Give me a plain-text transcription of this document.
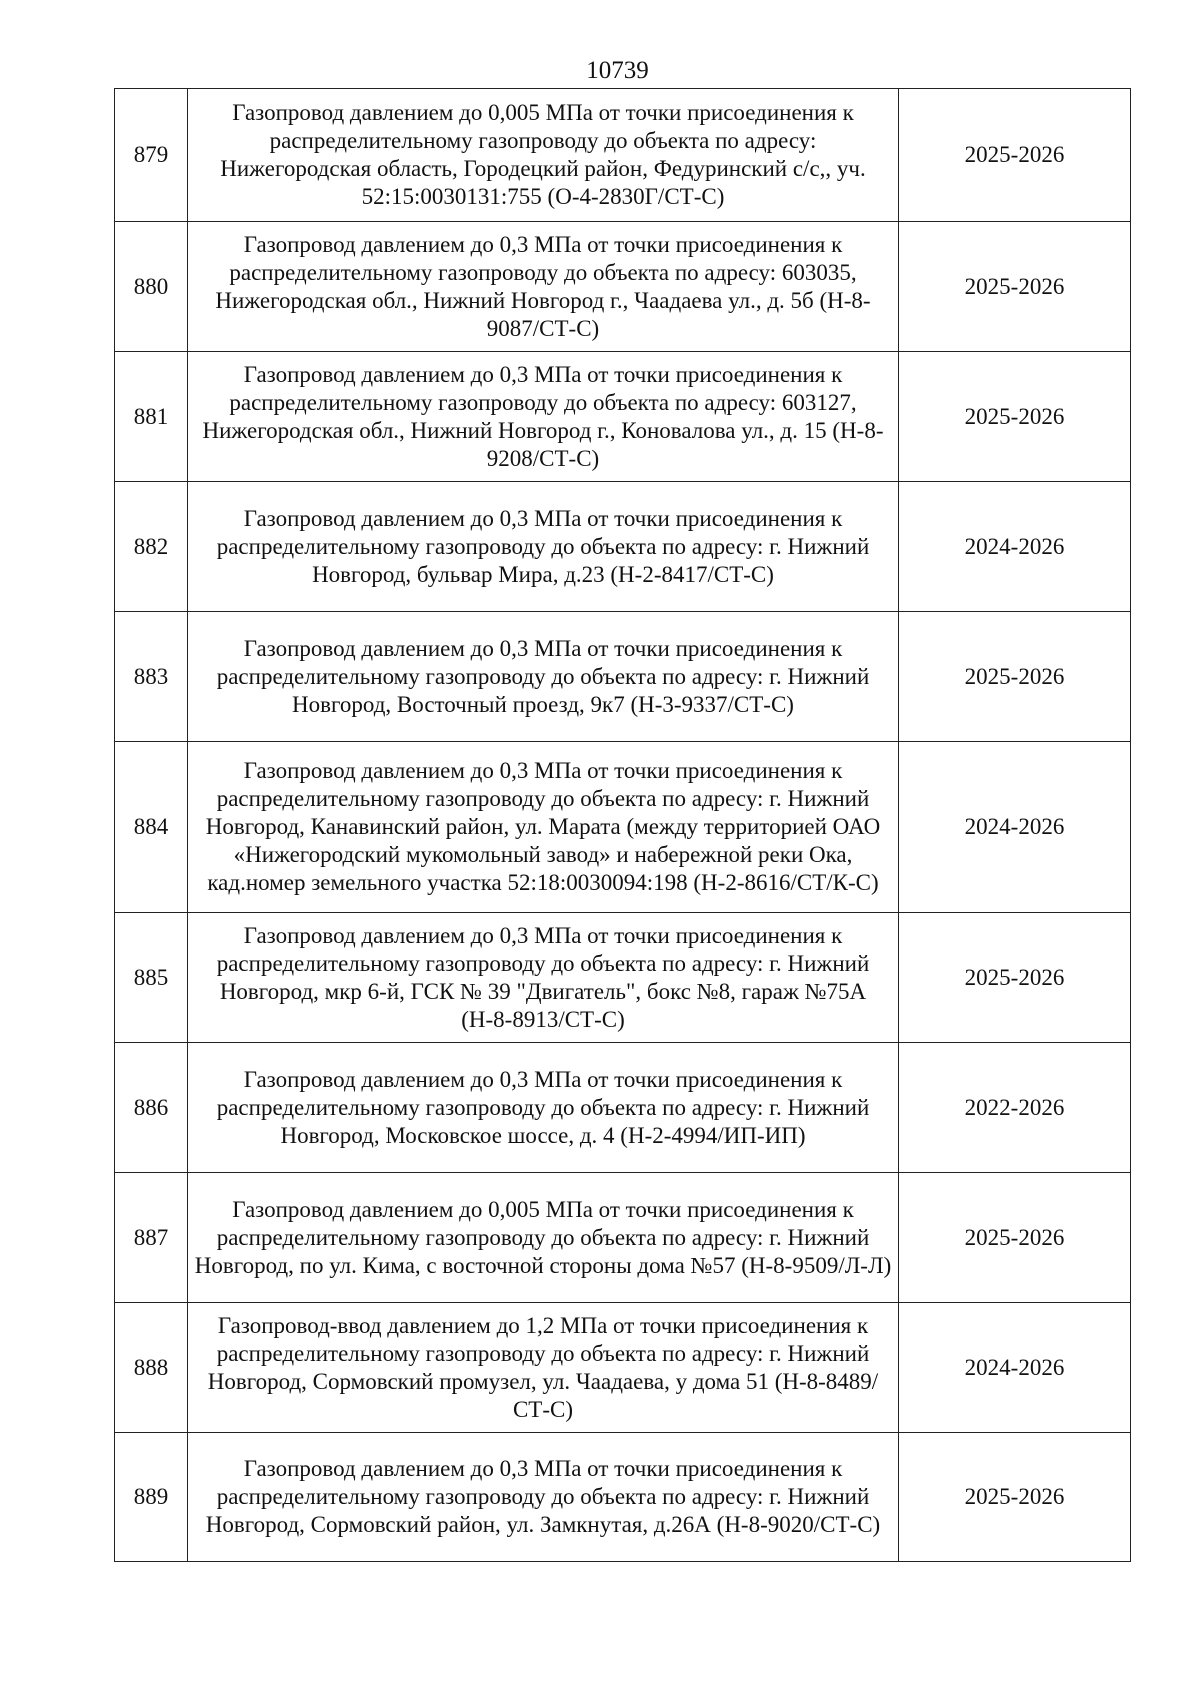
10739
879	Газопровод давлением до 0,005 МПа от точки присоединения к распределительному газопроводу до объекта по адресу: Нижегородская область, Городецкий район, Федуринский с/с,, уч. 52:15:0030131:755 (О-4-2830Г/СТ-С)	2025-2026
880	Газопровод давлением до 0,3 МПа от точки присоединения к распределительному газопроводу до объекта по адресу: 603035, Нижегородская обл., Нижний Новгород г., Чаадаева ул., д. 5б (Н-8-9087/СТ-С)	2025-2026
881	Газопровод давлением до 0,3 МПа от точки присоединения к распределительному газопроводу до объекта по адресу: 603127, Нижегородская обл., Нижний Новгород г., Коновалова ул., д. 15 (Н-8-9208/СТ-С)	2025-2026
882	Газопровод давлением до 0,3 МПа от точки присоединения к распределительному газопроводу до объекта по адресу: г. Нижний Новгород, бульвар Мира, д.23 (Н-2-8417/СТ-С)	2024-2026
883	Газопровод давлением до 0,3 МПа от точки присоединения к распределительному газопроводу до объекта по адресу: г. Нижний Новгород, Восточный проезд, 9к7 (Н-3-9337/СТ-С)	2025-2026
884	Газопровод давлением до 0,3 МПа от точки присоединения к распределительному газопроводу до объекта по адресу: г. Нижний Новгород, Канавинский район, ул. Марата (между территорией ОАО «Нижегородский мукомольный завод» и набережной реки Ока, кад.номер земельного участка 52:18:0030094:198 (Н-2-8616/СТ/К-С)	2024-2026
885	Газопровод давлением до 0,3 МПа от точки присоединения к распределительному газопроводу до объекта по адресу: г. Нижний Новгород, мкр 6-й, ГСК № 39 "Двигатель", бокс №8, гараж №75А (Н-8-8913/СТ-С)	2025-2026
886	Газопровод давлением до 0,3 МПа от точки присоединения к распределительному газопроводу до объекта по адресу: г. Нижний Новгород, Московское шоссе, д. 4 (Н-2-4994/ИП-ИП)	2022-2026
887	Газопровод давлением до 0,005 МПа от точки присоединения к распределительному газопроводу до объекта по адресу: г. Нижний Новгород, по ул. Кима, с восточной стороны дома №57 (Н-8-9509/Л-Л)	2025-2026
888	Газопровод-ввод давлением до 1,2 МПа от точки присоединения к распределительному газопроводу до объекта по адресу: г. Нижний Новгород, Сормовский промузел, ул. Чаадаева, у дома 51 (Н-8-8489/СТ-С)	2024-2026
889	Газопровод давлением до 0,3 МПа от точки присоединения к распределительному газопроводу до объекта по адресу: г. Нижний Новгород, Сормовский район, ул. Замкнутая, д.26А (Н-8-9020/СТ-С)	2025-2026
